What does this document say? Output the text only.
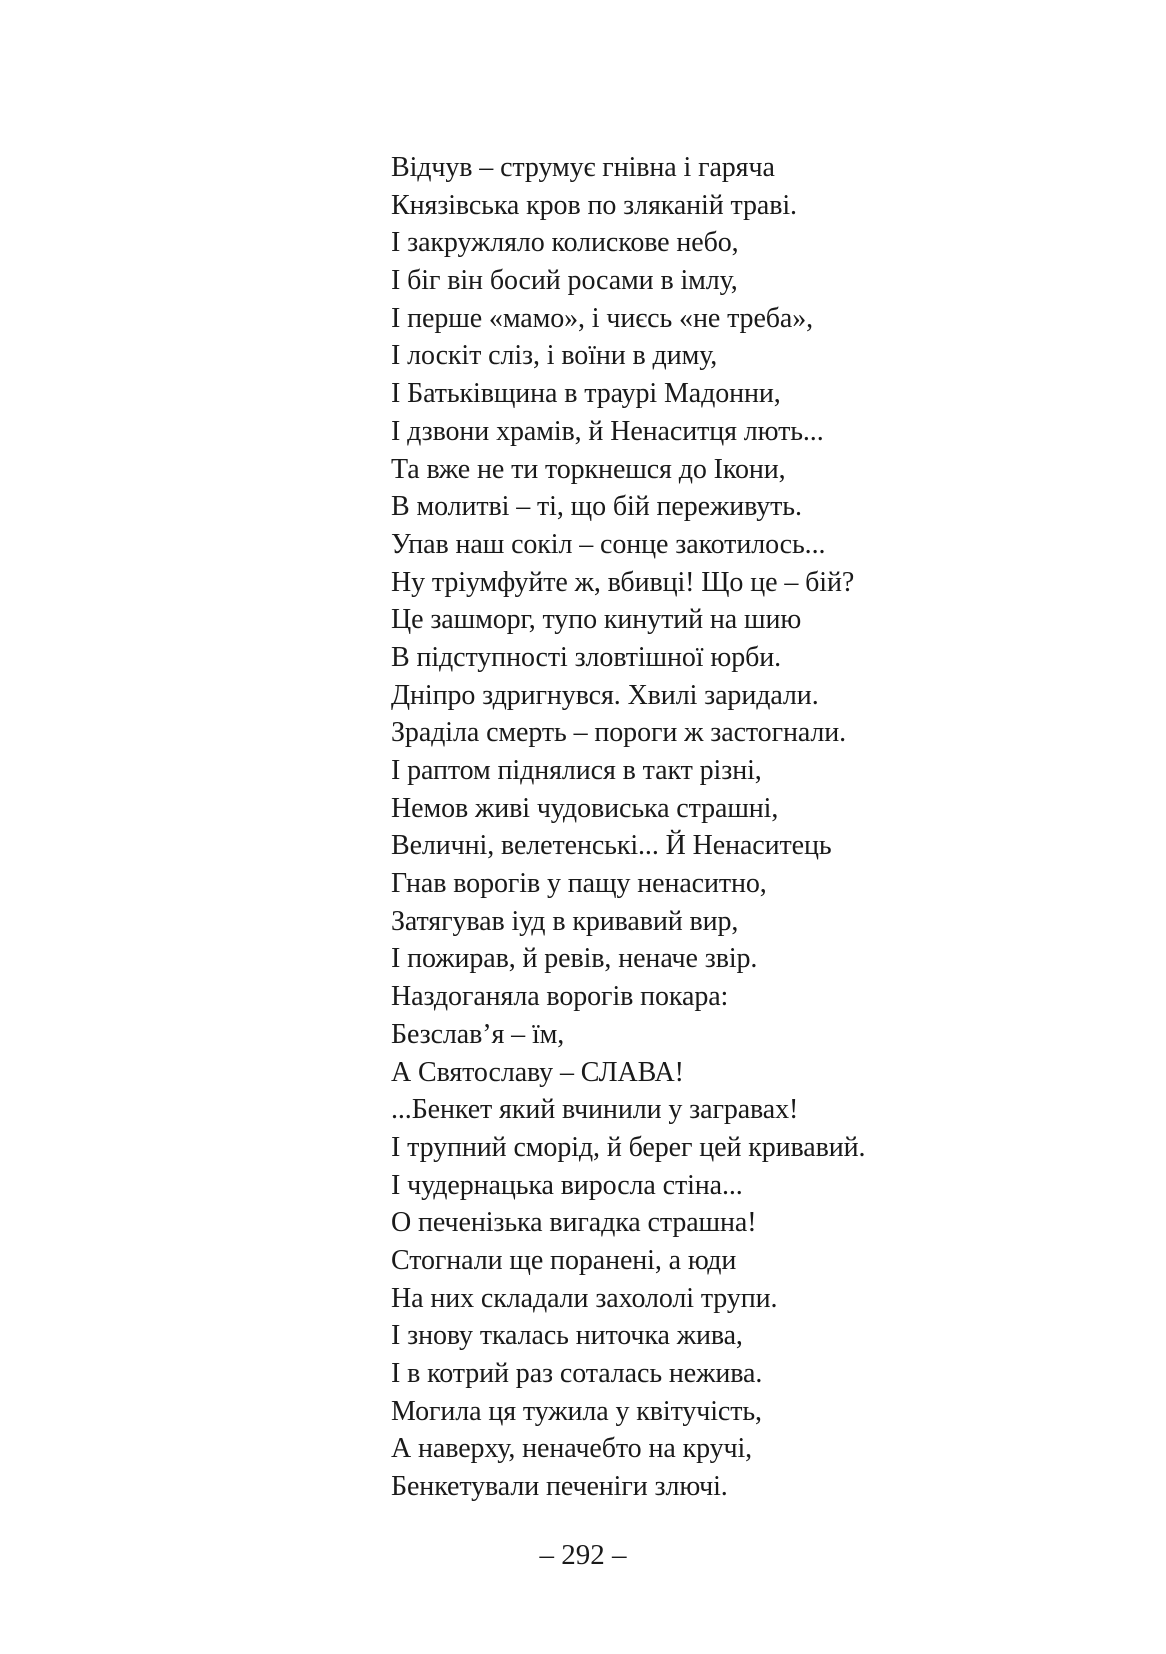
Відчув – струмує гнівна і гаряча
Князівська кров по зляканій траві.
І закружляло колискове небо,
І біг він босий росами в імлу,
І перше «мамо», і чиєсь «не треба»,
І лоскіт сліз, і воїни в диму,
І Батьківщина в траурі Мадонни,
І дзвони храмів, й Ненаситця лють...
Та вже не ти торкнешся до Ікони,
В молитві – ті, що бій переживуть.
Упав наш сокіл – сонце закотилось...
Ну тріумфуйте ж, вбивці! Що це – бій?
Це зашморг, тупо кинутий на шию
В підступності зловтішної юрби.
Дніпро здригнувся. Хвилі заридали.
Зраділа смерть – пороги ж застогнали.
І раптом піднялися в такт різні,
Немов живі чудовиська страшні,
Величні, велетенські... Й Ненаситець
Гнав ворогів у пащу ненаситно,
Затягував іуд в кривавий вир,
І пожирав, й ревів, неначе звір.
Наздоганяла ворогів покара:
Безслав’я – їм,
А Святославу – СЛАВА!
...Бенкет який вчинили у загравах!
І трупний сморід, й берег цей кривавий.
І чудернацька виросла стіна...
О печенізька вигадка страшна!
Стогнали ще поранені, а юди
На них складали захололі трупи.
І знову ткалась ниточка жива,
І в котрий раз соталась нежива.
Могила ця тужила у квітучість,
А наверху, неначебто на кручі,
Бенкетували печеніги злючі.
– 292 –
